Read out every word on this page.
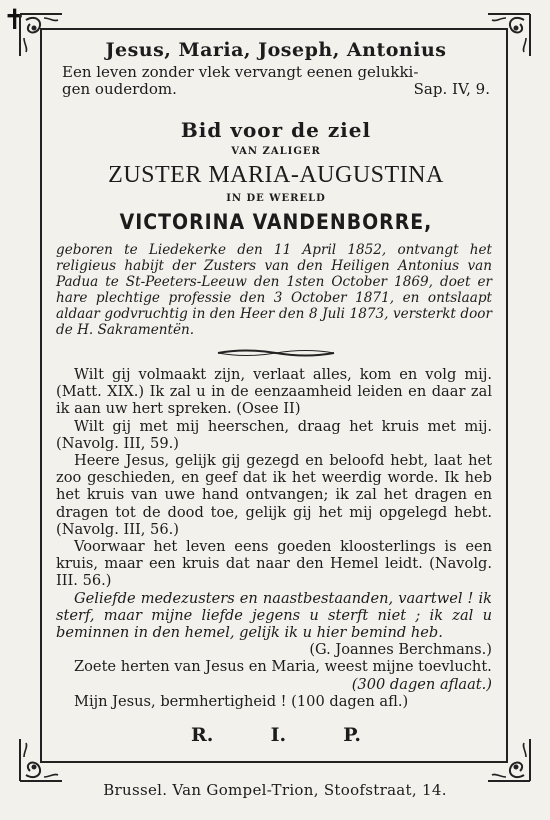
✝

Jesus, Maria, Joseph, Antonius

Een leven zonder vlek vervangt eenen gelukki-
gen ouderdom.	Sap. IV, 9.

Bid voor de ziel

VAN ZALIGER

ZUSTER MARIA-AUGUSTINA

IN DE WERELD

VICTORINA VANDENBORRE,

geboren te Liedekerke den 11 April 1852, ontvangt het religieus habijt der Zusters van den Heiligen Antonius van Padua te St-Peeters-Leeuw den 1sten October 1869, doet er hare plechtige professie den 3 October 1871, en ontslaapt aldaar godvruchtig in den Heer den 8 Juli 1873, versterkt door de H. Sakramentën.

Wilt gij volmaakt zijn, verlaat alles, kom en volg mij. (Matt. XIX.) Ik zal u in de eenzaamheid leiden en daar zal ik aan uw hert spreken. (Osee II)

Wilt gij met mij heerschen, draag het kruis met mij. (Navolg. III, 59.)

Heere Jesus, gelijk gij gezegd en beloofd hebt, laat het zoo geschieden, en geef dat ik het weerdig worde. Ik heb het kruis van uwe hand ontvangen; ik zal het dragen en dragen tot de dood toe, gelijk gij het mij opgelegd hebt. (Navolg. III, 56.)

Voorwaar het leven eens goeden kloosterlings is een kruis, maar een kruis dat naar den Hemel leidt. (Navolg. III. 56.)

Geliefde medezusters en naastbestaanden, vaartwel ! ik sterf, maar mijne liefde jegens u sterft niet ; ik zal u beminnen in den hemel, gelijk ik u hier bemind heb.

(G. Joannes Berchmans.)

Zoete herten van Jesus en Maria, weest mijne toevlucht.

(300 dagen aflaat.)

Mijn Jesus, bermhertigheid ! (100 dagen afl.)

R.	I.	P.
Brussel. Van Gompel-Trion, Stoofstraat, 14.
